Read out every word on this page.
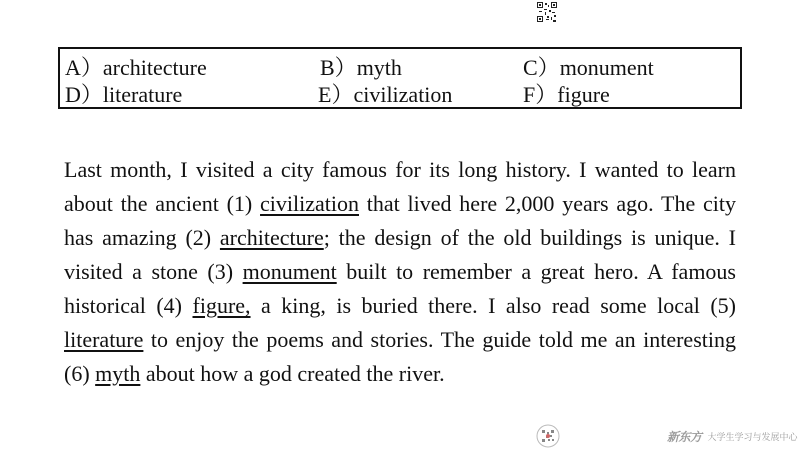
A）architecture	B）myth	C）monument
D）literature	E）civilization	F）figure

Last month, I visited a city famous for its long history. I wanted to learn about the ancient (1) civilization that lived here 2,000 years ago. The city has amazing (2) architecture; the design of the old buildings is unique. I visited a stone (3) monument built to remember a great hero. A famous historical (4) figure, a king, is buried there. I also read some local (5) literature to enjoy the poems and stories. The guide told me an interesting (6) myth about how a god created the river.

新东方 大学生学习与发展中心
